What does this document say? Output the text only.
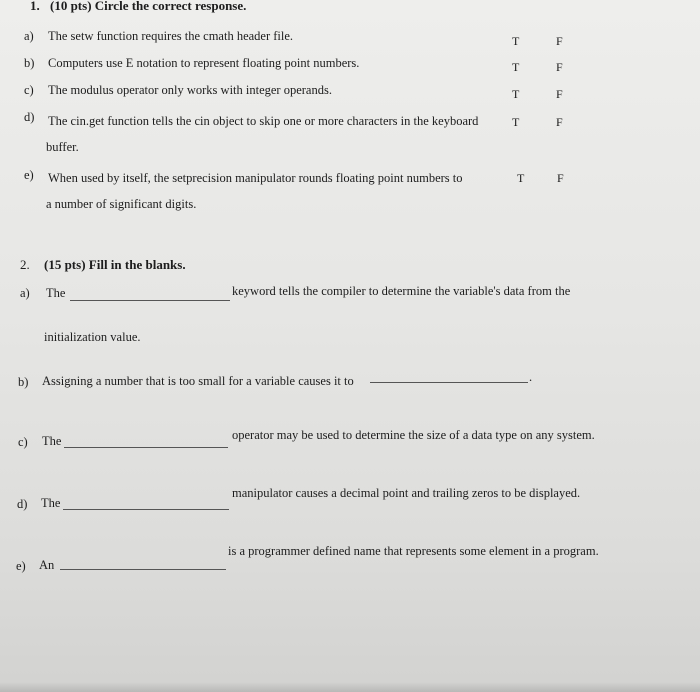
1. (10 pts) Circle the correct response.
a) The setw function requires the cmath header file.	T	F
b) Computers use E notation to represent floating point numbers.	T	F
c) The modulus operator only works with integer operands.	T	F
d) The cin.get function tells the cin object to skip one or more characters in the keyboard
buffer.
T	F
e) When used by itself, the setprecision manipulator rounds floating point numbers to
a number of significant digits.
T	F
2. (15 pts) Fill in the blanks.
a) The	keyword tells the compiler to determine the variable's data from the
initialization value.
b) Assigning a number that is too small for a variable causes it to	.
c) The	operator may be used to determine the size of a data type on any system.
d) The
manipulator causes a decimal point and trailing zeros to be displayed.
e) An
is a programmer defined name that represents some element in a program.
